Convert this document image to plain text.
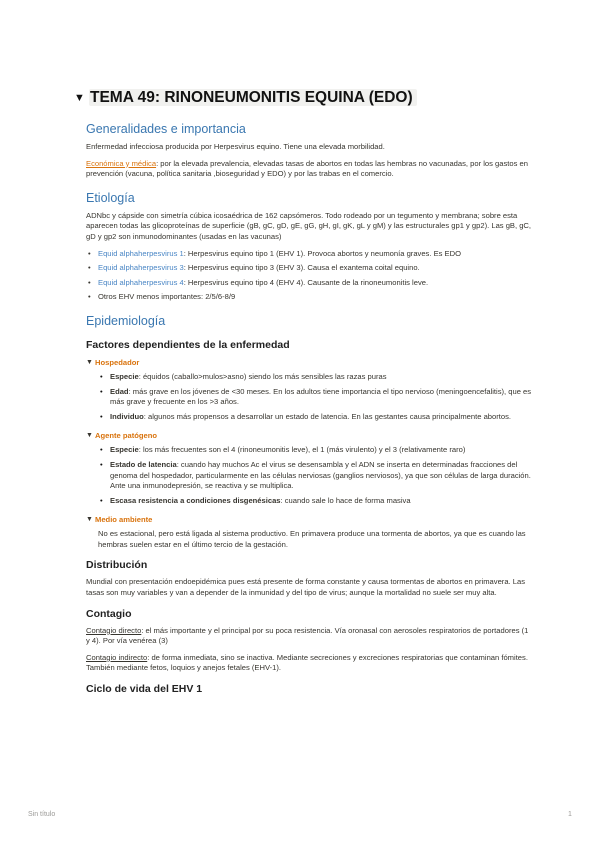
▼ TEMA 49: RINONEUMONITIS EQUINA (EDO)
Generalidades e importancia

Enfermedad infecciosa producida por Herpesvirus equino. Tiene una elevada morbilidad.

Económica y médica: por la elevada prevalencia, elevadas tasas de abortos en todas las hembras no vacunadas, por los gastos en prevención (vacuna, política sanitaria ,bioseguridad y EDO) y por las trabas en el comercio.

Etiología

ADNbc y cápside con simetría cúbica icosaédrica de 162 capsómeros. Todo rodeado por un tegumento y membrana; sobre esta aparecen todas las glicoproteínas de superficie (gB, gC, gD, gE, gG, gH, gI, gK, gL y gM) y las estructurales gp1 y gp2). Las gB, gC, gD y gp2 son inmunodominantes (usadas en las vacunas)

• Equid alphaherpesvirus 1: Herpesvirus equino tipo 1 (EHV 1). Provoca abortos y neumonía graves. Es EDO
• Equid alphaherpesvirus 3: Herpesvirus equino tipo 3 (EHV 3). Causa el exantema coital equino.
• Equid alphaherpesvirus 4: Herpesvirus equino tipo 4 (EHV 4). Causante de la rinoneumonitis leve.
• Otros EHV menos importantes: 2/5/6-8/9
Epidemiología
Factores dependientes de la enfermedad
▼ Hospedador
• Especie: équidos (caballo>mulos>asno) siendo los más sensibles las razas puras
• Edad: más grave en los jóvenes de <30 meses. En los adultos tiene importancia el tipo nervioso (meningoencefalitis), que es más grave y frecuente en los >3 años.
• Individuo: algunos más propensos a desarrollar un estado de latencia. En las gestantes causa principalmente abortos.
▼ Agente patógeno
• Especie: los más frecuentes son el 4 (rinoneumonitis leve), el 1 (más virulento) y el 3 (relativamente raro)
• Estado de latencia: cuando hay muchos Ac el virus se desensambla y el ADN se inserta en determinadas fracciones del genoma del hospedador, particularmente en las células nerviosas (ganglios nerviosos), ya que son células de larga duración. Ante una inmunodepresión, se reactiva y se multiplica.
• Escasa resistencia a condiciones disgenésicas: cuando sale lo hace de forma masiva
▼ Medio ambiente

No es estacional, pero está ligada al sistema productivo. En primavera produce una tormenta de abortos, ya que es cuando las hembras suelen estar en el último tercio de la gestación.

Distribución

Mundial con presentación endoepidémica pues está presente de forma constante y causa tormentas de abortos en primavera. Las tasas son muy variables y van a depender de la inmunidad y del tipo de virus; aunque la mortalidad no suele ser muy alta.

Contagio

Contagio directo: el más importante y el principal por su poca resistencia. Vía oronasal con aerosoles respiratorios de portadores (1 y 4). Por vía venérea (3)

Contagio indirecto: de forma inmediata, sino se inactiva. Mediante secreciones y excreciones respiratorias que contaminan fómites. También mediante fetos, loquios y anejos fetales (EHV-1).

Ciclo de vida del EHV 1
Sin título	1
